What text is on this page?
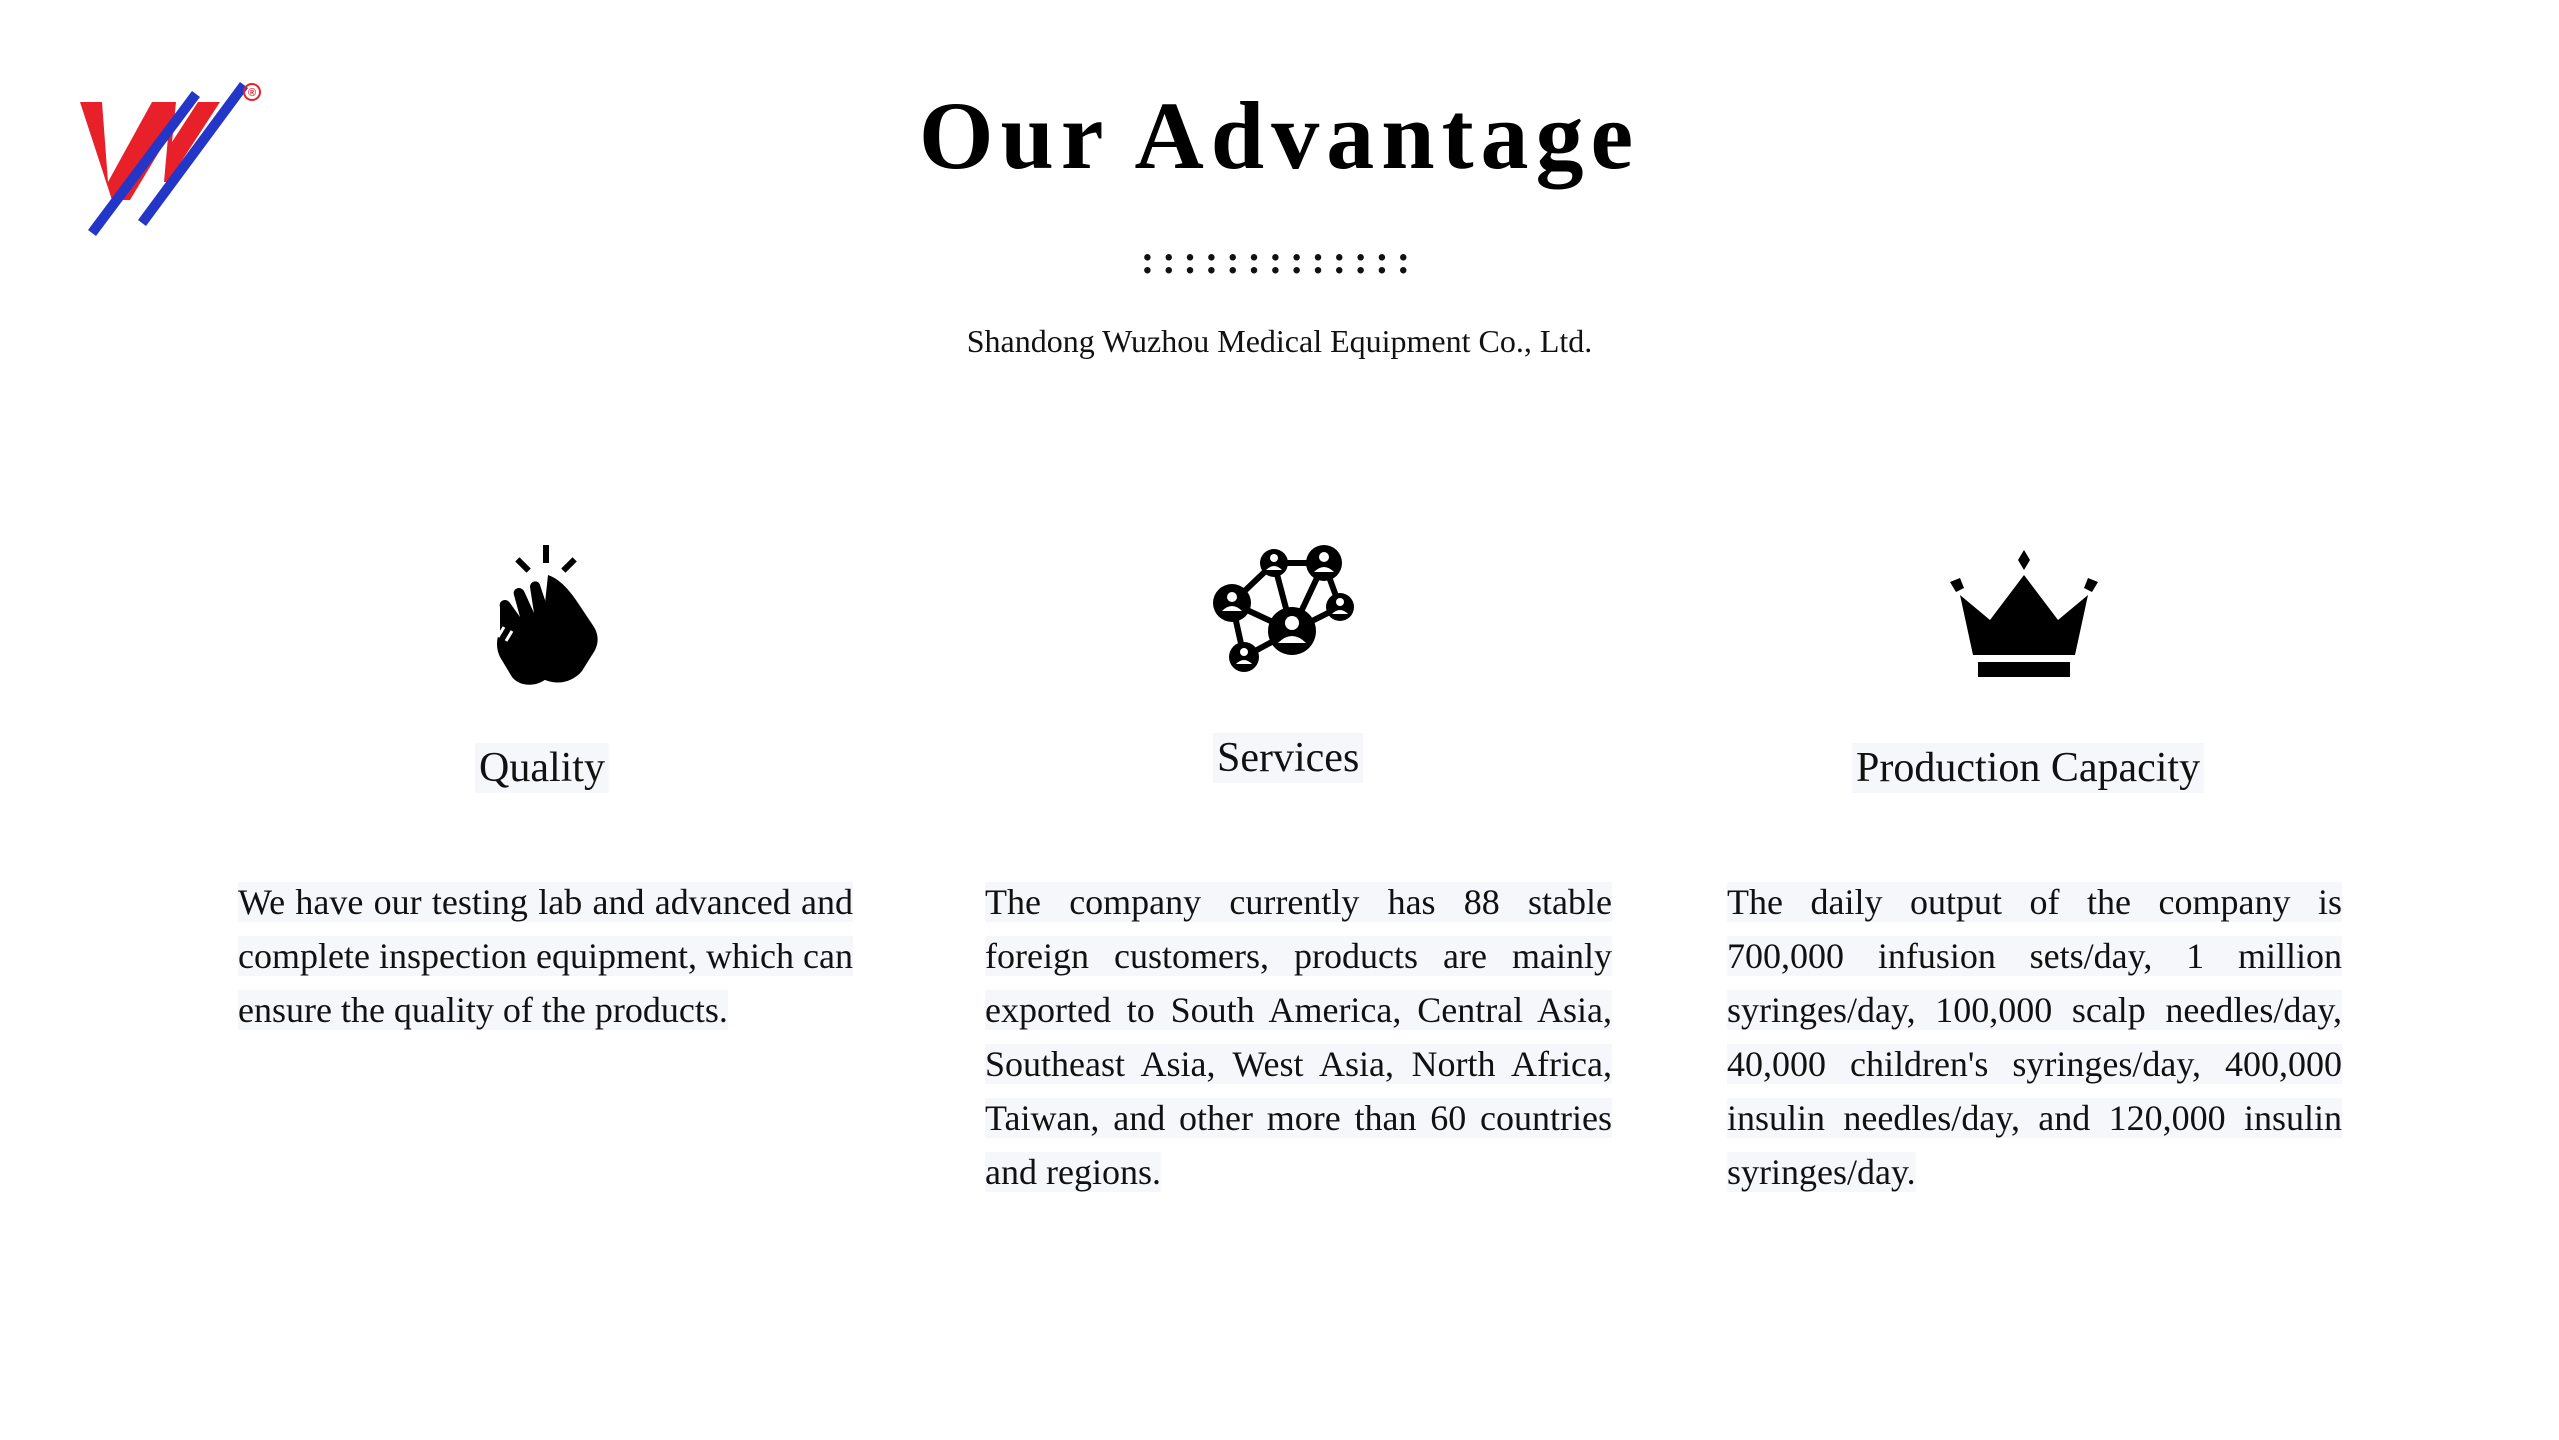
®	Our Advantage
:::::::::::::
Shandong Wuzhou Medical Equipment Co., Ltd.
Quality

We have our testing lab and advanced and complete inspection equipment, which can ensure the quality of the products.

Services

The company currently has 88 stable foreign customers, products are mainly exported to South America, Central Asia, Southeast Asia, West Asia, North Africa, Taiwan, and other more than 60 countries and regions.

Production Capacity

The daily output of the company is 700,000 infusion sets/day, 1 million syringes/day, 100,000 scalp needles/day, 40,000 children's syringes/day, 400,000 insulin needles/day, and 120,000 insulin syringes/day.
